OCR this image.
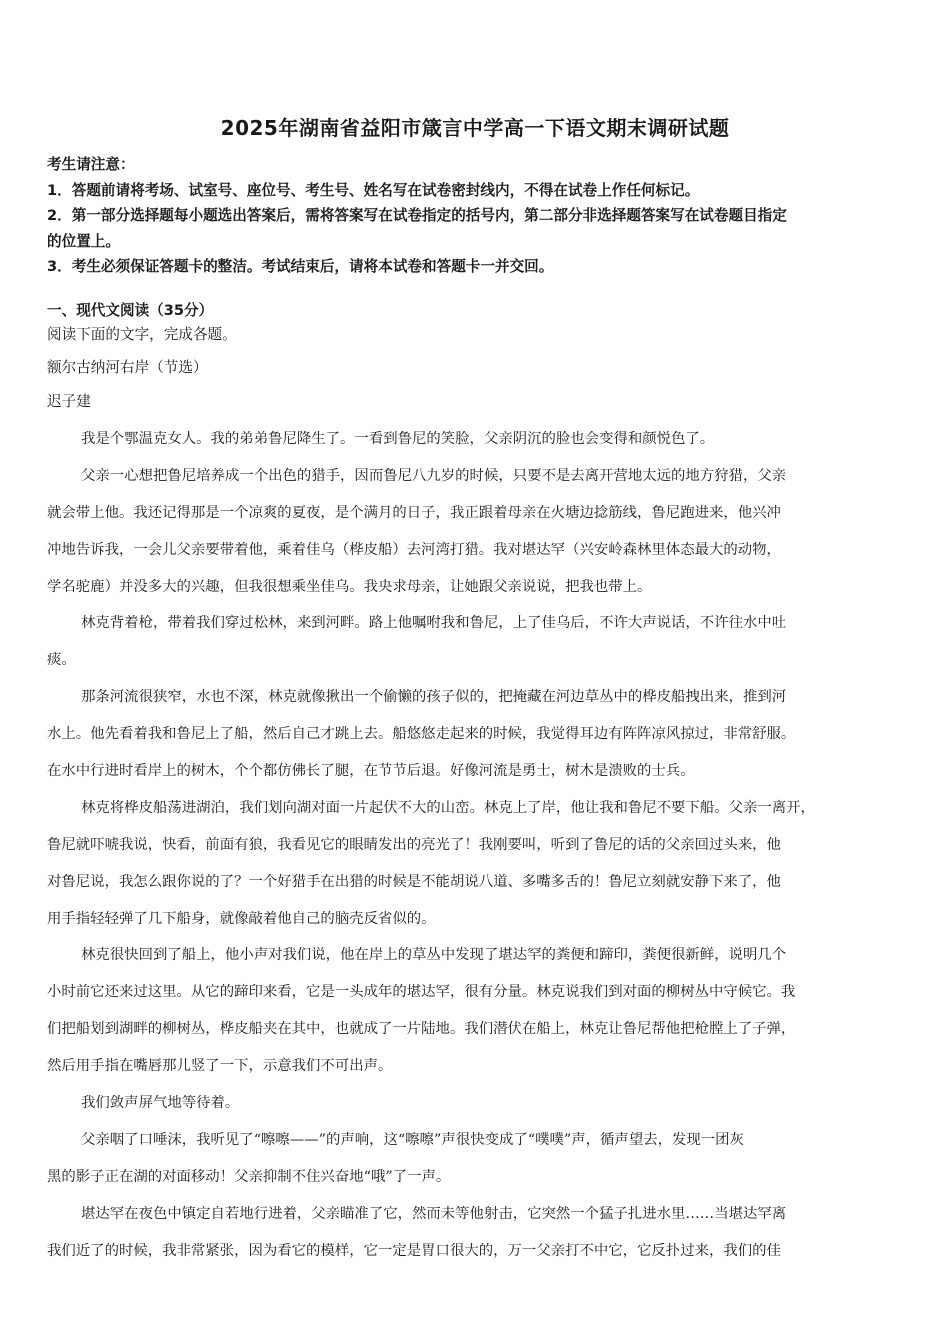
2025年湖南省益阳市箴言中学高一下语文期末调研试题
考生请注意：
1．答题前请将考场、试室号、座位号、考生号、姓名写在试卷密封线内，不得在试卷上作任何标记。
2．第一部分选择题每小题选出答案后，需将答案写在试卷指定的括号内，第二部分非选择题答案写在试卷题目指定
的位置上。
3．考生必须保证答题卡的整洁。考试结束后，请将本试卷和答题卡一并交回。
一、现代文阅读（35分）
阅读下面的文字，完成各题。
额尔古纳河右岸（节选）
迟子建
我是个鄂温克女人。我的弟弟鲁尼降生了。一看到鲁尼的笑脸，父亲阴沉的脸也会变得和颜悦色了。
父亲一心想把鲁尼培养成一个出色的猎手，因而鲁尼八九岁的时候，只要不是去离开营地太远的地方狩猎，父亲
就会带上他。我还记得那是一个凉爽的夏夜，是个满月的日子，我正跟着母亲在火塘边捻筋线，鲁尼跑进来，他兴冲
冲地告诉我，一会儿父亲要带着他，乘着佳乌（桦皮船）去河湾打猎。我对堪达罕（兴安岭森林里体态最大的动物，
学名驼鹿）并没多大的兴趣，但我很想乘坐佳乌。我央求母亲，让她跟父亲说说，把我也带上。
林克背着枪，带着我们穿过松林，来到河畔。路上他嘱咐我和鲁尼，上了佳乌后，不许大声说话，不许往水中吐
痰。
那条河流很狭窄，水也不深，林克就像揪出一个偷懒的孩子似的，把掩藏在河边草丛中的桦皮船拽出来，推到河
水上。他先看着我和鲁尼上了船，然后自己才跳上去。船悠悠走起来的时候，我觉得耳边有阵阵凉风掠过，非常舒服。
在水中行进时看岸上的树木，个个都仿佛长了腿，在节节后退。好像河流是勇士，树木是溃败的士兵。
林克将桦皮船荡进湖泊，我们划向湖对面一片起伏不大的山峦。林克上了岸，他让我和鲁尼不要下船。父亲一离开，
鲁尼就吓唬我说，快看，前面有狼，我看见它的眼睛发出的亮光了！我刚要叫，听到了鲁尼的话的父亲回过头来，他
对鲁尼说，我怎么跟你说的了？一个好猎手在出猎的时候是不能胡说八道、多嘴多舌的！鲁尼立刻就安静下来了，他
用手指轻轻弹了几下船身，就像敲着他自己的脑壳反省似的。
林克很快回到了船上，他小声对我们说，他在岸上的草丛中发现了堪达罕的粪便和蹄印，粪便很新鲜，说明几个
小时前它还来过这里。从它的蹄印来看，它是一头成年的堪达罕，很有分量。林克说我们到对面的柳树丛中守候它。我
们把船划到湖畔的柳树丛，桦皮船夹在其中，也就成了一片陆地。我们潜伏在船上，林克让鲁尼帮他把枪膛上了子弹，
然后用手指在嘴唇那儿竖了一下，示意我们不可出声。
我们敛声屏气地等待着。
父亲咽了口唾沫，我听见了“嚓嚓——”的声响，这“嚓嚓”声很快变成了“噗噗”声，循声望去，发现一团灰
黑的影子正在湖的对面移动！父亲抑制不住兴奋地“哦”了一声。
堪达罕在夜色中镇定自若地行进着，父亲瞄准了它，然而未等他射击，它突然一个猛子扎进水里……当堪达罕离
我们近了的时候，我非常紧张，因为看它的模样，它一定是胃口很大的，万一父亲打不中它，它反扑过来，我们的佳
